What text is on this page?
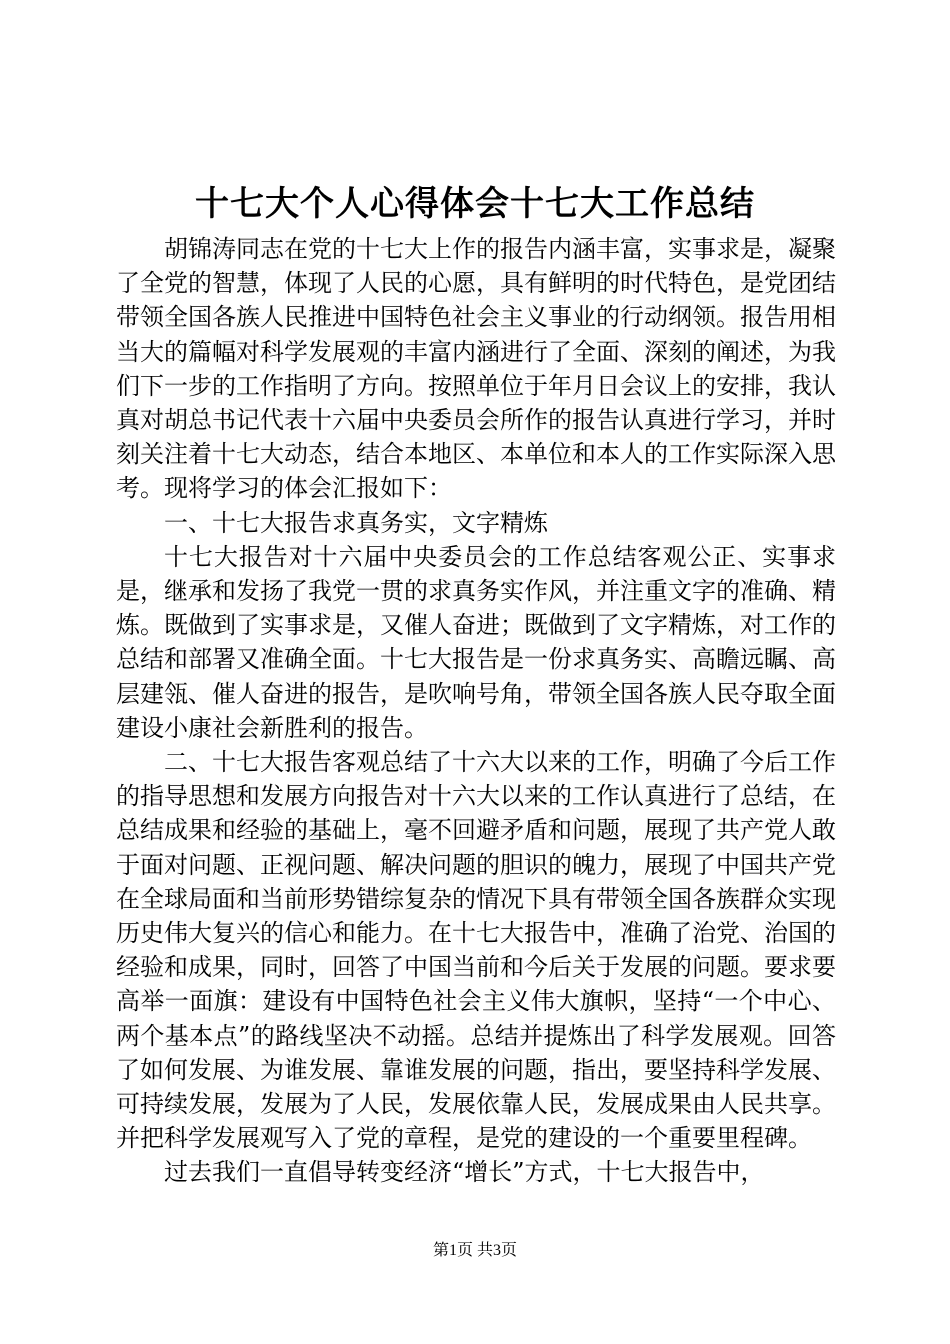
十七大个人心得体会十七大工作总结

胡锦涛同志在党的十七大上作的报告内涵丰富，实事求是，凝聚了全党的智慧，体现了人民的心愿，具有鲜明的时代特色，是党团结带领全国各族人民推进中国特色社会主义事业的行动纲领。报告用相当大的篇幅对科学发展观的丰富内涵进行了全面、深刻的阐述，为我们下一步的工作指明了方向。按照单位于年月日会议上的安排，我认真对胡总书记代表十六届中央委员会所作的报告认真进行学习，并时刻关注着十七大动态，结合本地区、本单位和本人的工作实际深入思考。现将学习的体会汇报如下：

一、十七大报告求真务实，文字精炼

十七大报告对十六届中央委员会的工作总结客观公正、实事求是，继承和发扬了我党一贯的求真务实作风，并注重文字的准确、精炼。既做到了实事求是，又催人奋进；既做到了文字精炼，对工作的总结和部署又准确全面。十七大报告是一份求真务实、高瞻远瞩、高层建瓴、催人奋进的报告，是吹响号角，带领全国各族人民夺取全面建设小康社会新胜利的报告。

二、十七大报告客观总结了十六大以来的工作，明确了今后工作的指导思想和发展方向报告对十六大以来的工作认真进行了总结，在总结成果和经验的基础上，毫不回避矛盾和问题，展现了共产党人敢于面对问题、正视问题、解决问题的胆识的魄力，展现了中国共产党在全球局面和当前形势错综复杂的情况下具有带领全国各族群众实现历史伟大复兴的信心和能力。在十七大报告中，准确了治党、治国的经验和成果，同时，回答了中国当前和今后关于发展的问题。要求要高举一面旗：建设有中国特色社会主义伟大旗帜，坚持“一个中心、两个基本点”的路线坚决不动摇。总结并提炼出了科学发展观。回答了如何发展、为谁发展、靠谁发展的问题，指出，要坚持科学发展、可持续发展，发展为了人民，发展依靠人民，发展成果由人民共享。并把科学发展观写入了党的章程，是党的建设的一个重要里程碑。

过去我们一直倡导转变经济“增长”方式，十七大报告中，

第1页 共3页
